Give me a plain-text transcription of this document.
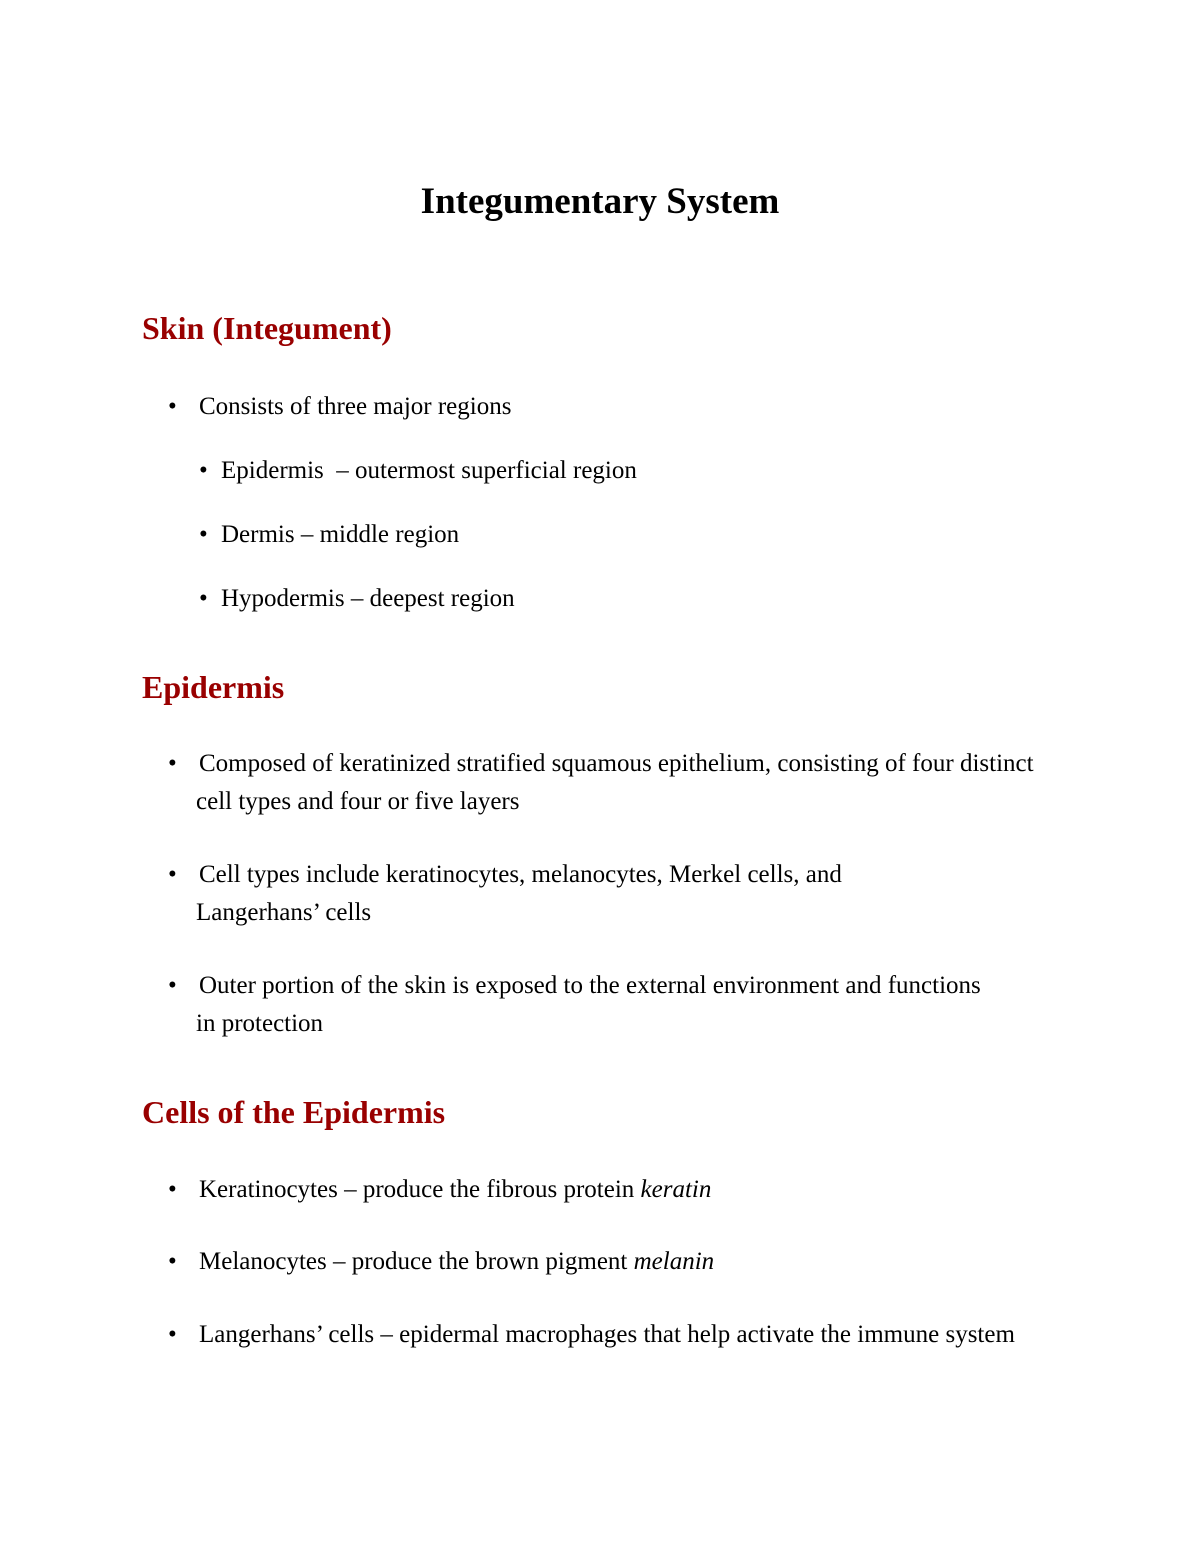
Integumentary System
Skin (Integument)
• Consists of three major regions
• Epidermis  – outermost superficial region
• Dermis – middle region
• Hypodermis – deepest region
Epidermis
• Composed of keratinized stratified squamous epithelium, consisting of four distinct cell types and four or five layers
• Cell types include keratinocytes, melanocytes, Merkel cells, and Langerhans’ cells
• Outer portion of the skin is exposed to the external environment and functions in protection
Cells of the Epidermis
• Keratinocytes – produce the fibrous protein keratin
• Melanocytes – produce the brown pigment melanin
• Langerhans’ cells – epidermal macrophages that help activate the immune system
